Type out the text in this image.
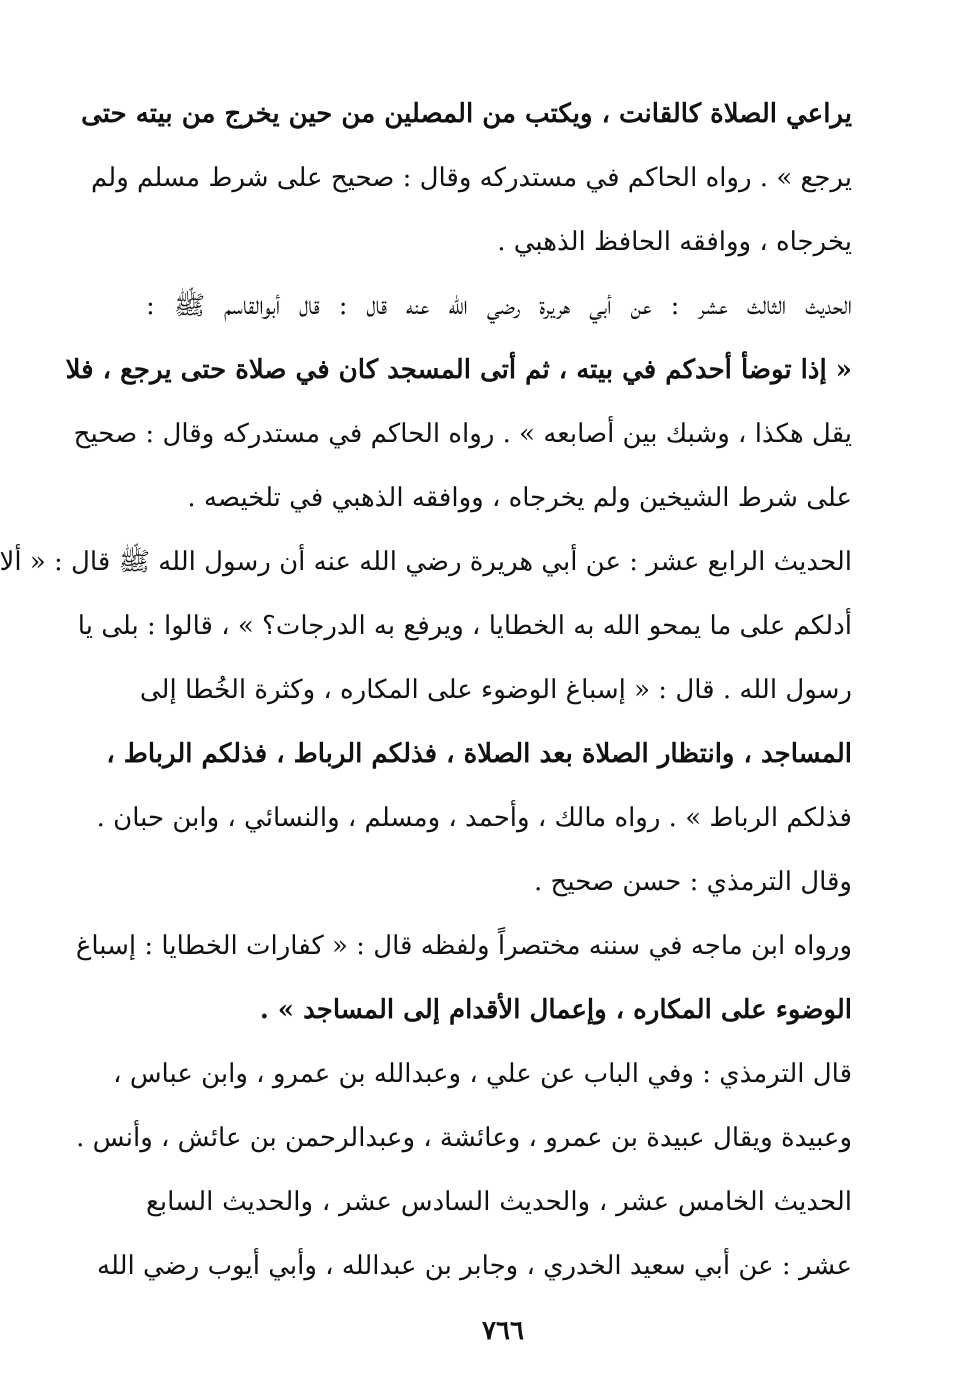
يراعي الصلاة كالقانت ، ويكتب من المصلين من حين يخرج من بيته حتى
يرجع » . رواه الحاكم في مستدركه وقال : صحيح على شرط مسلم ولم
يخرجاه ، ووافقه الحافظ الذهبي .
الحديث الثالث عشر : عن أبي هريرة رضي الله عنه قال : قال أبوالقاسم ﷺ :
« إذا توضأ أحدكم في بيته ، ثم أتى المسجد كان في صلاة حتى يرجع ، فلا
يقل هكذا ، وشبك بين أصابعه » . رواه الحاكم في مستدركه وقال : صحيح
على شرط الشيخين ولم يخرجاه ، ووافقه الذهبي في تلخيصه .
الحديث الرابع عشر : عن أبي هريرة رضي الله عنه أن رسول الله ﷺ قال : « ألا
أدلكم على ما يمحو الله به الخطايا ، ويرفع به الدرجات؟ » ، قالوا : بلى يا
رسول الله . قال : « إسباغ الوضوء على المكاره ، وكثرة الخُطا إلى
المساجد ، وانتظار الصلاة بعد الصلاة ، فذلكم الرباط ، فذلكم الرباط ،
فذلكم الرباط » . رواه مالك ، وأحمد ، ومسلم ، والنسائي ، وابن حبان .
وقال الترمذي : حسن صحيح .
ورواه ابن ماجه في سننه مختصراً ولفظه قال : « كفارات الخطايا : إسباغ
الوضوء على المكاره ، وإعمال الأقدام إلى المساجد » .
قال الترمذي : وفي الباب عن علي ، وعبدالله بن عمرو ، وابن عباس ،
وعبيدة ويقال عبيدة بن عمرو ، وعائشة ، وعبدالرحمن بن عائش ، وأنس .
الحديث الخامس عشر ، والحديث السادس عشر ، والحديث السابع
عشر : عن أبي سعيد الخدري ، وجابر بن عبدالله ، وأبي أيوب رضي الله
٧٦٦
